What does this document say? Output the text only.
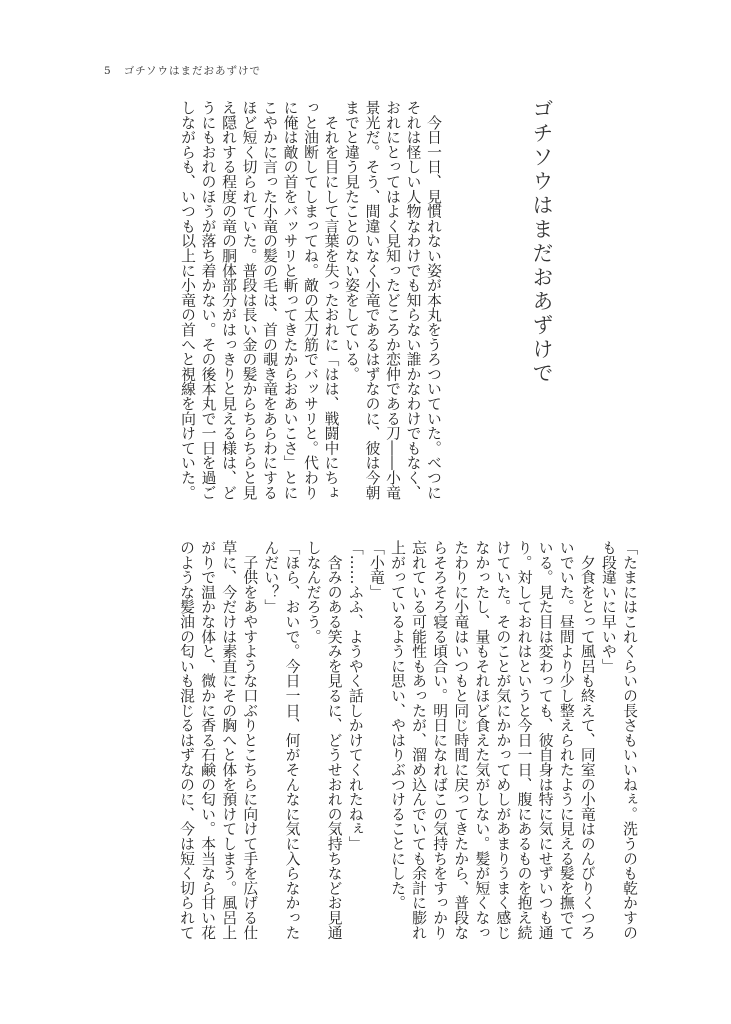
5 ゴチソウはまだおあずけで
ゴチソウはまだおあずけで
　今日一日、見慣れない姿が本丸をうろついていた。べつに
それは怪しい人物なわけでも知らない誰かなわけでもなく、
おれにとってはよく見知ったどころか恋仲である刀――小竜
景光だ。そう、間違いなく小竜であるはずなのに、彼は今朝
までと違う見たことのない姿をしている。
　それを目にして言葉を失ったおれに「はは、戦闘中にちょ
っと油断してしまってね。敵の太刀筋でバッサリと。代わり
に俺は敵の首をバッサリと斬ってきたからおあいこさ」とに
こやかに言った小竜の髪の毛は、首の覗き竜をあらわにする
ほど短く切られていた。普段は長い金の髪からちらちらと見
え隠れする程度の竜の胴体部分がはっきりと見える様は、ど
うにもおれのほうが落ち着かない。その後本丸で一日を過ご
しながらも、いつも以上に小竜の首へと視線を向けていた。
「たまにはこれくらいの長さもいいねぇ。洗うのも乾かすの
も段違いに早いや」
　夕食をとって風呂も終えて、同室の小竜はのんびりくつろ
いでいた。昼間より少し整えられたように見える髪を撫でて
いる。見た目は変わっても、彼自身は特に気にせずいつも通
り。対しておれはというと今日一日、腹にあるものを抱え続
けていた。そのことが気にかかってめしがあまりうまく感じ
なかったし、量もそれほど食えた気がしない。髪が短くなっ
たわりに小竜はいつもと同じ時間に戻ってきたから、普段な
らそろそろ寝る頃合い。明日になればこの気持ちをすっかり
忘れている可能性もあったが、溜め込んでいても余計に膨れ
上がっているように思い、やはりぶつけることにした。
「小竜」
「……ふふ、ようやく話しかけてくれたねぇ」
　含みのある笑みを見るに、どうせおれの気持ちなどお見通
しなんだろう。
「ほら、おいで。今日一日、何がそんなに気に入らなかった
んだい？」
　子供をあやすような口ぶりとこちらに向けて手を広げる仕
草に、今だけは素直にその胸へと体を預けてしまう。風呂上
がりで温かな体と、微かに香る石鹸の匂い。本当なら甘い花
のような髪油の匂いも混じるはずなのに、今は短く切られて
